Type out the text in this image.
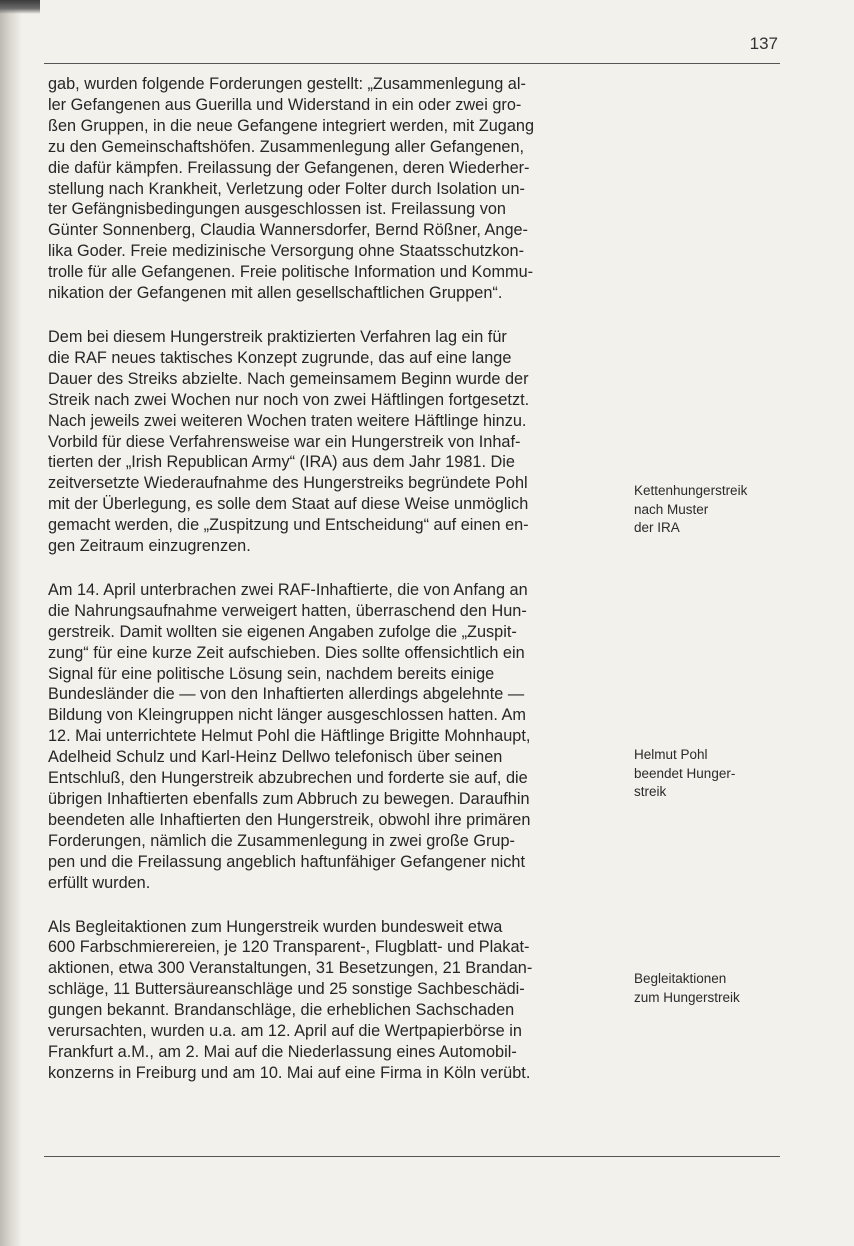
137

gab, wurden folgende Forderungen gestellt: „Zusammenlegung al-
ler Gefangenen aus Guerilla und Widerstand in ein oder zwei gro-
ßen Gruppen, in die neue Gefangene integriert werden, mit Zugang
zu den Gemeinschaftshöfen. Zusammenlegung aller Gefangenen,
die dafür kämpfen. Freilassung der Gefangenen, deren Wiederher-
stellung nach Krankheit, Verletzung oder Folter durch Isolation un-
ter Gefängnisbedingungen ausgeschlossen ist. Freilassung von
Günter Sonnenberg, Claudia Wannersdorfer, Bernd Rößner, Ange-
lika Goder. Freie medizinische Versorgung ohne Staatsschutzkon-
trolle für alle Gefangenen. Freie politische Information und Kommu-
nikation der Gefangenen mit allen gesellschaftlichen Gruppen“.

Dem bei diesem Hungerstreik praktizierten Verfahren lag ein für
die RAF neues taktisches Konzept zugrunde, das auf eine lange
Dauer des Streiks abzielte. Nach gemeinsamem Beginn wurde der
Streik nach zwei Wochen nur noch von zwei Häftlingen fortgesetzt.
Nach jeweils zwei weiteren Wochen traten weitere Häftlinge hinzu.
Vorbild für diese Verfahrensweise war ein Hungerstreik von Inhaf-
tierten der „Irish Republican Army“ (IRA) aus dem Jahr 1981. Die
zeitversetzte Wiederaufnahme des Hungerstreiks begründete Pohl
mit der Überlegung, es solle dem Staat auf diese Weise unmöglich
gemacht werden, die „Zuspitzung und Entscheidung“ auf einen en-
gen Zeitraum einzugrenzen.

Am 14. April unterbrachen zwei RAF-Inhaftierte, die von Anfang an
die Nahrungsaufnahme verweigert hatten, überraschend den Hun-
gerstreik. Damit wollten sie eigenen Angaben zufolge die „Zuspit-
zung“ für eine kurze Zeit aufschieben. Dies sollte offensichtlich ein
Signal für eine politische Lösung sein, nachdem bereits einige
Bundesländer die — von den Inhaftierten allerdings abgelehnte —
Bildung von Kleingruppen nicht länger ausgeschlossen hatten. Am
12. Mai unterrichtete Helmut Pohl die Häftlinge Brigitte Mohnhaupt,
Adelheid Schulz und Karl-Heinz Dellwo telefonisch über seinen
Entschluß, den Hungerstreik abzubrechen und forderte sie auf, die
übrigen Inhaftierten ebenfalls zum Abbruch zu bewegen. Daraufhin
beendeten alle Inhaftierten den Hungerstreik, obwohl ihre primären
Forderungen, nämlich die Zusammenlegung in zwei große Grup-
pen und die Freilassung angeblich haftunfähiger Gefangener nicht
erfüllt wurden.

Als Begleitaktionen zum Hungerstreik wurden bundesweit etwa
600 Farbschmierereien, je 120 Transparent-, Flugblatt- und Plakat-
aktionen, etwa 300 Veranstaltungen, 31 Besetzungen, 21 Brandan-
schläge, 11 Buttersäureanschläge und 25 sonstige Sachbeschädi-
gungen bekannt. Brandanschläge, die erheblichen Sachschaden
verursachten, wurden u.a. am 12. April auf die Wertpapierbörse in
Frankfurt a.M., am 2. Mai auf die Niederlassung eines Automobil-
konzerns in Freiburg und am 10. Mai auf eine Firma in Köln verübt.

Kettenhungerstreik
nach Muster
der IRA
Helmut Pohl
beendet Hunger-
streik
Begleitaktionen
zum Hungerstreik
